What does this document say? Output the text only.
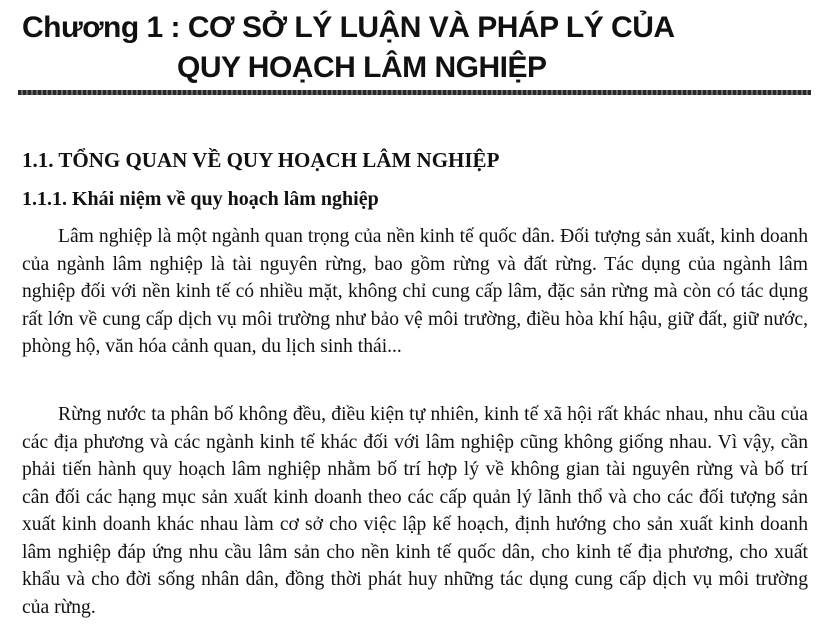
Chương 1 : CƠ SỞ LÝ LUẬN VÀ PHÁP LÝ CỦA
QUY HOẠCH LÂM NGHIỆP
1.1. TỔNG QUAN VỀ QUY HOẠCH LÂM NGHIỆP
1.1.1. Khái niệm về quy hoạch lâm nghiệp

Lâm nghiệp là một ngành quan trọng của nền kinh tế quốc dân. Đối tượng sản xuất, kinh doanh của ngành lâm nghiệp là tài nguyên rừng, bao gồm rừng và đất rừng. Tác dụng của ngành lâm nghiệp đối với nền kinh tế có nhiều mặt, không chỉ cung cấp lâm, đặc sản rừng mà còn có tác dụng rất lớn về cung cấp dịch vụ môi trường như bảo vệ môi trường, điều hòa khí hậu, giữ đất, giữ nước, phòng hộ, văn hóa cảnh quan, du lịch sinh thái...

Rừng nước ta phân bố không đều, điều kiện tự nhiên, kinh tế xã hội rất khác nhau, nhu cầu của các địa phương và các ngành kinh tế khác đối với lâm nghiệp cũng không giống nhau. Vì vậy, cần phải tiến hành quy hoạch lâm nghiệp nhằm bố trí hợp lý về không gian tài nguyên rừng và bố trí cân đối các hạng mục sản xuất kinh doanh theo các cấp quản lý lãnh thổ và cho các đối tượng sản xuất kinh doanh khác nhau làm cơ sở cho việc lập kế hoạch, định hướng cho sản xuất kinh doanh lâm nghiệp đáp ứng nhu cầu lâm sản cho nền kinh tế quốc dân, cho kinh tế địa phương, cho xuất khẩu và cho đời sống nhân dân, đồng thời phát huy những tác dụng cung cấp dịch vụ môi trường của rừng.
